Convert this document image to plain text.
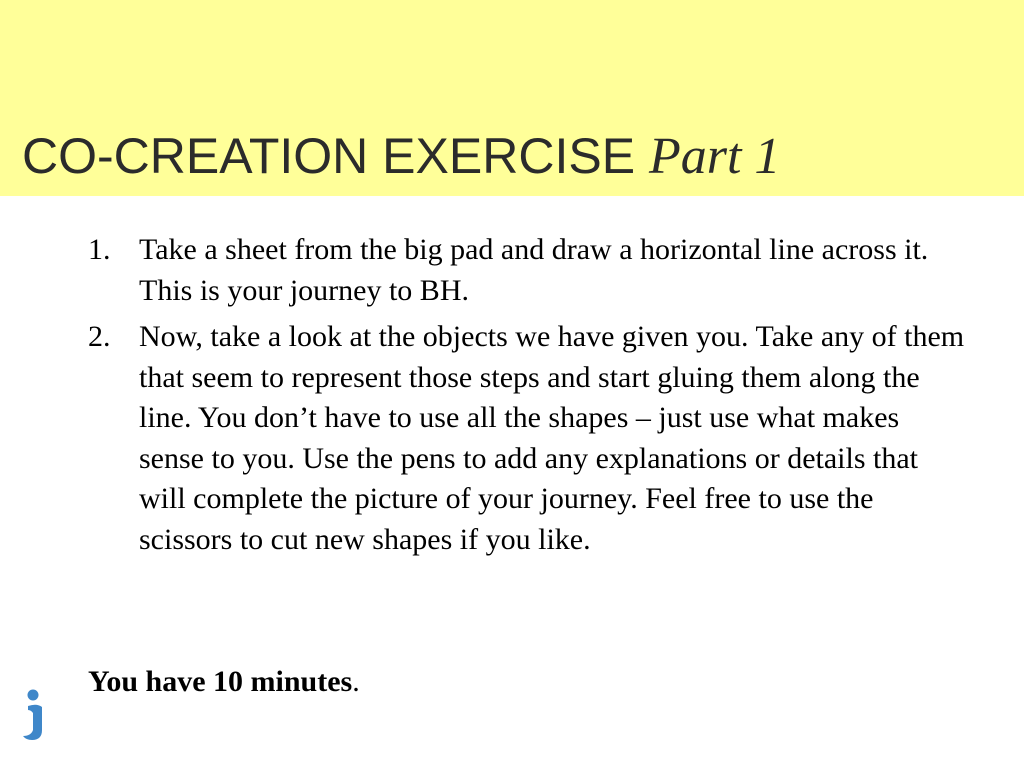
CO-CREATION EXERCISE Part 1
1. Take a sheet from the big pad and draw a horizontal line across it. This is your journey to BH.
2. Now, take a look at the objects we have given you. Take any of them that seem to represent those steps and start gluing them along the line. You don’t have to use all the shapes – just use what makes sense to you. Use the pens to add any explanations or details that will complete the picture of your journey. Feel free to use the scissors to cut new shapes if you like.

You have 10 minutes.
